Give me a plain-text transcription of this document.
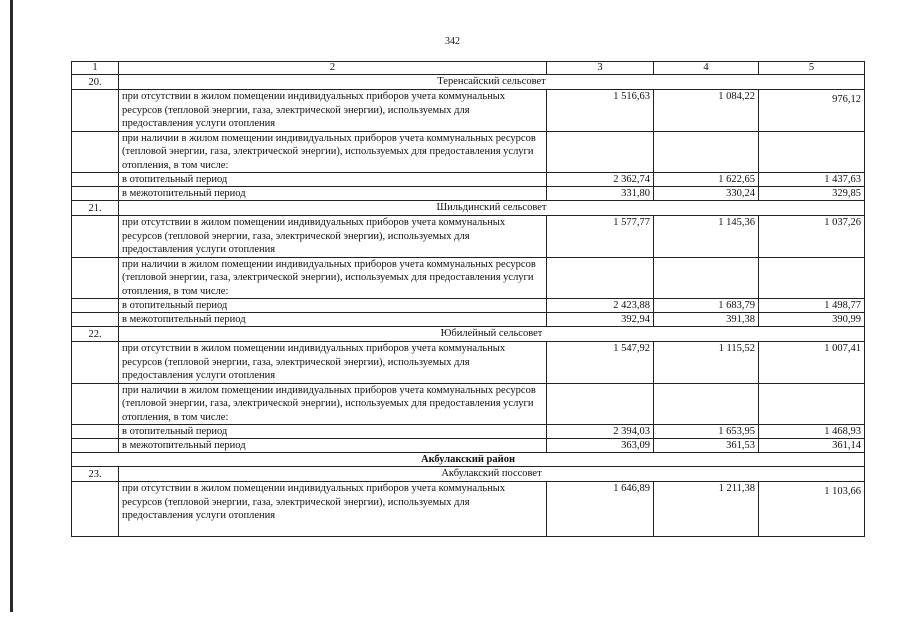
342
1	2	3	4	5
20.	Теренсайский сельсовет			
	при отсутствии в жилом помещении индивидуальных приборов учета коммунальных ресурсов (тепловой энергии, газа, электрической энергии), используемых для предоставления услуги отопления	1 516,63	1 084,22	976,12
	при наличии в жилом помещении индивидуальных приборов учета коммунальных ресурсов (тепловой энергии, газа, электрической энергии), используемых для предоставления услуги отопления, в том числе:			
	в отопительный период	2 362,74	1 622,65	1 437,63
	в межотопительный период	331,80	330,24	329,85
21.	Шильдинский сельсовет			
	при отсутствии в жилом помещении индивидуальных приборов учета коммунальных ресурсов (тепловой энергии, газа, электрической энергии), используемых для предоставления услуги отопления	1 577,77	1 145,36	1 037,26
	при наличии в жилом помещении индивидуальных приборов учета коммунальных ресурсов (тепловой энергии, газа, электрической энергии), используемых для предоставления услуги отопления, в том числе:			
	в отопительный период	2 423,88	1 683,79	1 498,77
	в межотопительный период	392,94	391,38	390,99
22.	Юбилейный сельсовет			
	при отсутствии в жилом помещении индивидуальных приборов учета коммунальных ресурсов (тепловой энергии, газа, электрической энергии), используемых для предоставления услуги отопления	1 547,92	1 115,52	1 007,41
	при наличии в жилом помещении индивидуальных приборов учета коммунальных ресурсов (тепловой энергии, газа, электрической энергии), используемых для предоставления услуги отопления, в том числе:			
	в отопительный период	2 394,03	1 653,95	1 468,93
	в межотопительный период	363,09	361,53	361,14
Акбулакский район				
23.	Акбулакский поссовет			
	при отсутствии в жилом помещении индивидуальных приборов учета коммунальных ресурсов (тепловой энергии, газа, электрической энергии), используемых для предоставления услуги отопления	1 646,89	1 211,38	1 103,66
